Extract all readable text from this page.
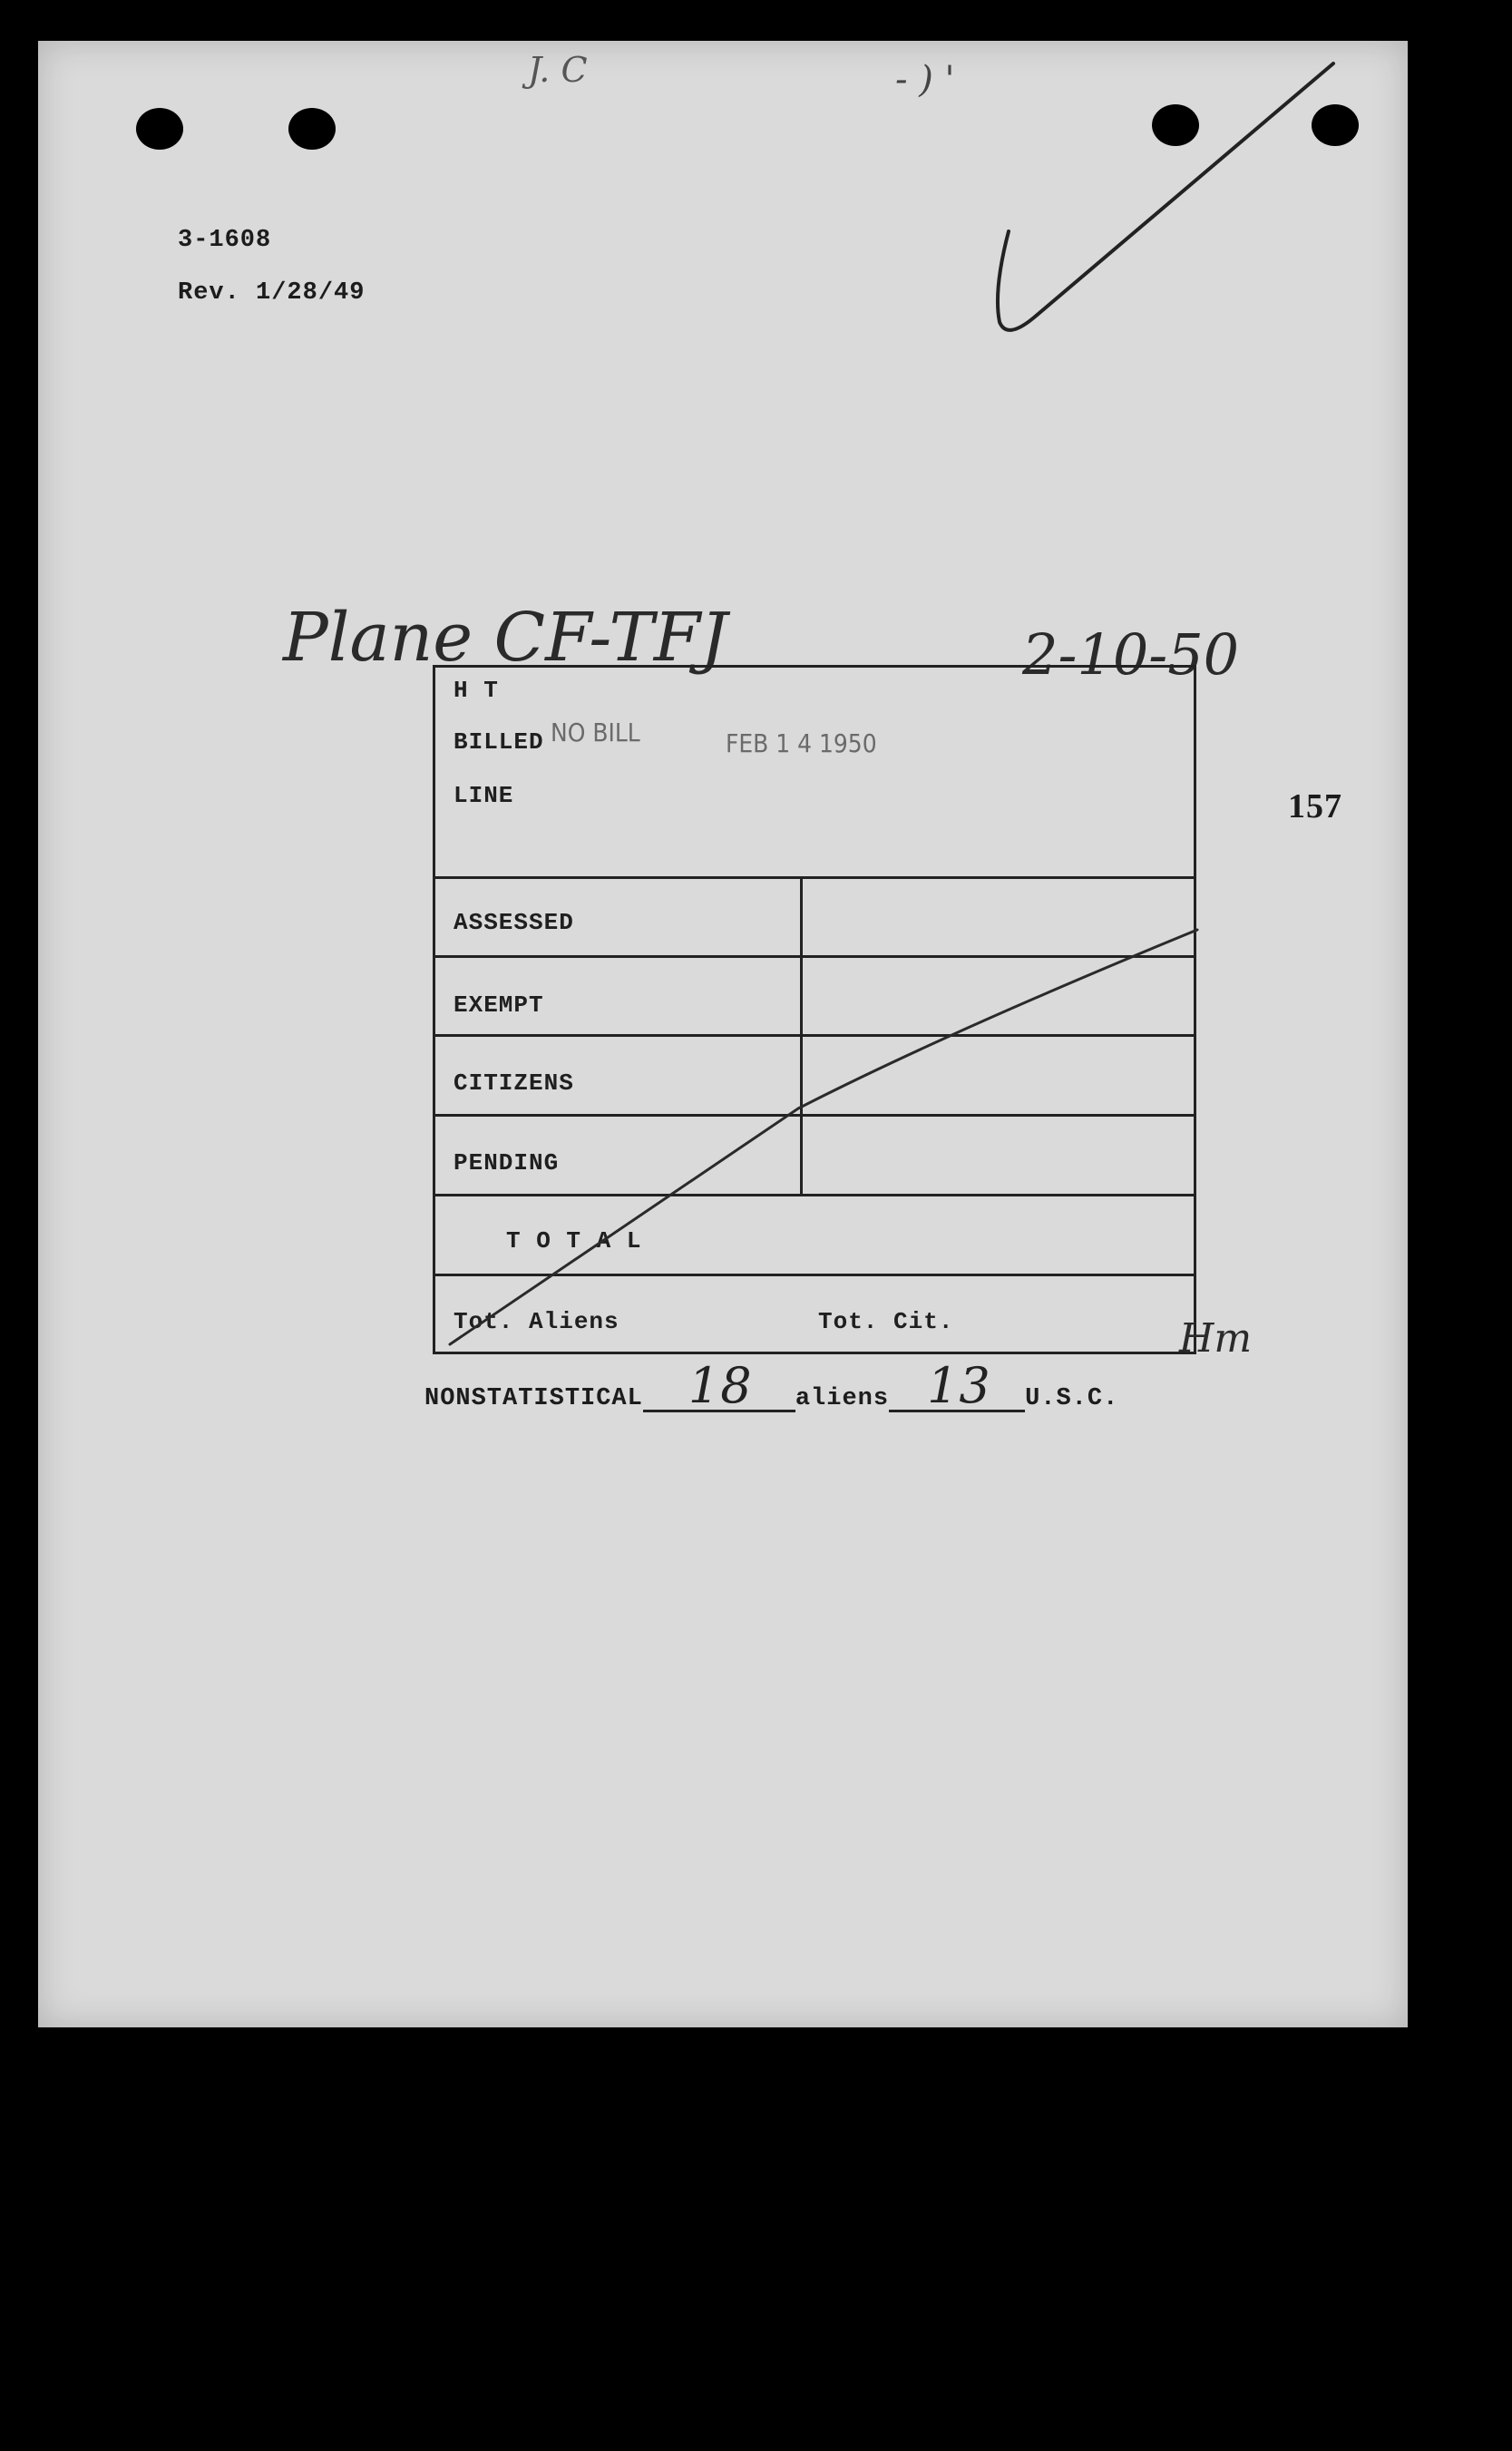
J. C	- ) '
3-1608
Rev. 1/28/49
Plane CF-TFJ	2-10-50
157
NO BILL	FEB 1 4 1950
H T
BILLED
LINE
ASSESSED
EXEMPT
CITIZENS
PENDING
T O T A L
Tot. Aliens	Tot. Cit.	Hm
NONSTATISTICAL 18 aliens 13 U.S.C.
